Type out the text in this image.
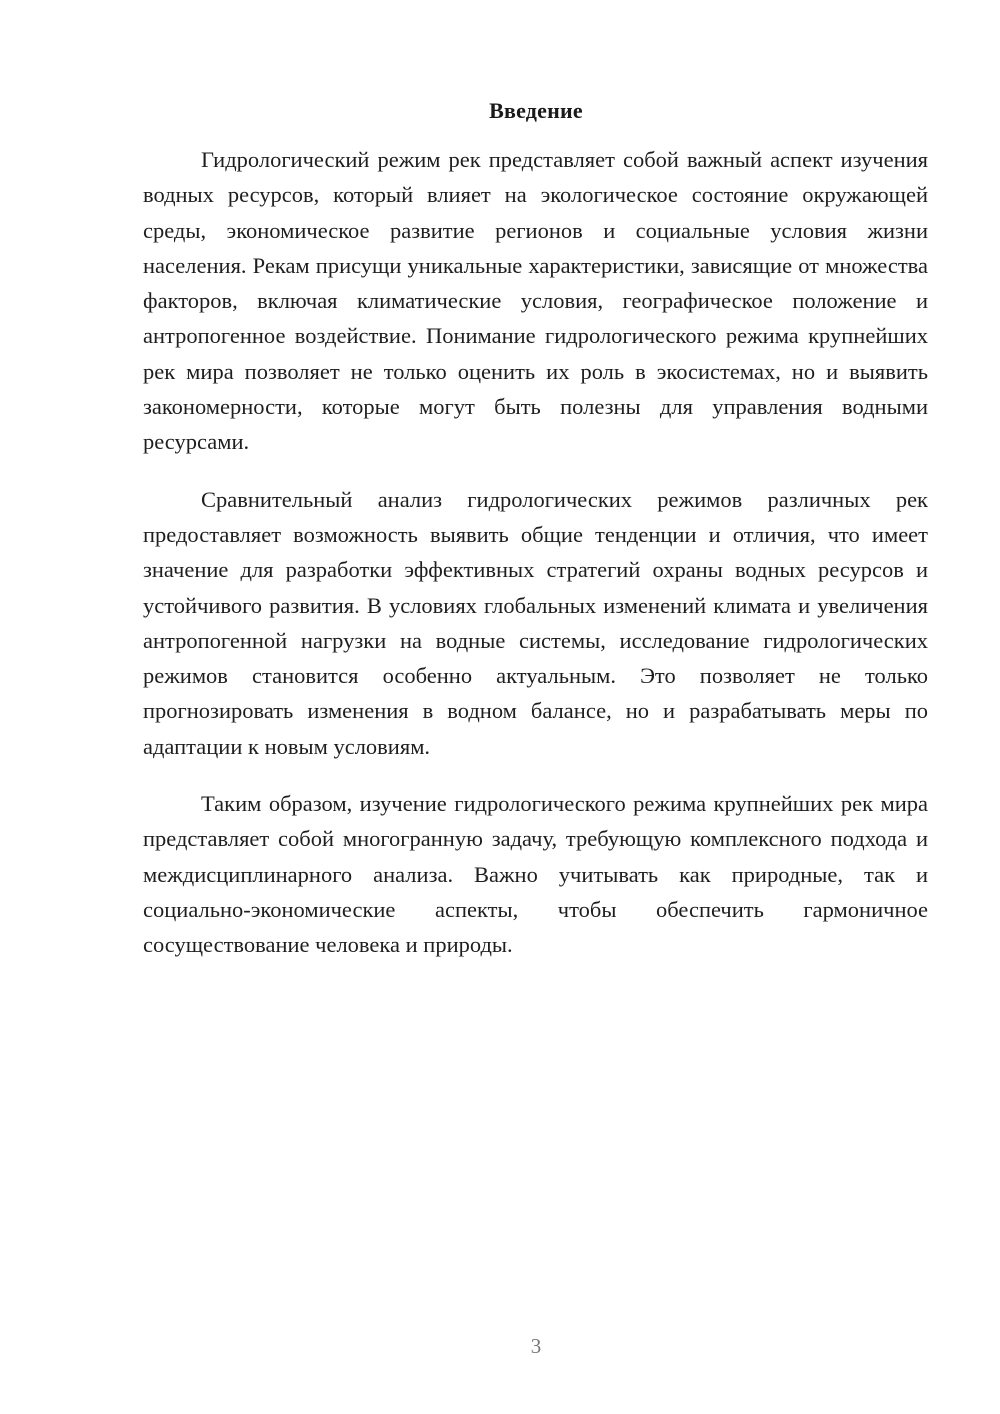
Введение

Гидрологический режим рек представляет собой важный аспект изучения водных ресурсов, который влияет на экологическое состояние окружающей среды, экономическое развитие регионов и социальные условия жизни населения. Рекам присущи уникальные характеристики, зависящие от множества факторов, включая климатические условия, географическое положение и антропогенное воздействие. Понимание гидрологического режима крупнейших рек мира позволяет не только оценить их роль в экосистемах, но и выявить закономерности, которые могут быть полезны для управления водными ресурсами.

Сравнительный анализ гидрологических режимов различных рек предоставляет возможность выявить общие тенденции и отличия, что имеет значение для разработки эффективных стратегий охраны водных ресурсов и устойчивого развития. В условиях глобальных изменений климата и увеличения антропогенной нагрузки на водные системы, исследование гидрологических режимов становится особенно актуальным. Это позволяет не только прогнозировать изменения в водном балансе, но и разрабатывать меры по адаптации к новым условиям.

Таким образом, изучение гидрологического режима крупнейших рек мира представляет собой многогранную задачу, требующую комплексного подхода и междисциплинарного анализа. Важно учитывать как природные, так и социально-экономические аспекты, чтобы обеспечить гармоничное сосуществование человека и природы.

3
